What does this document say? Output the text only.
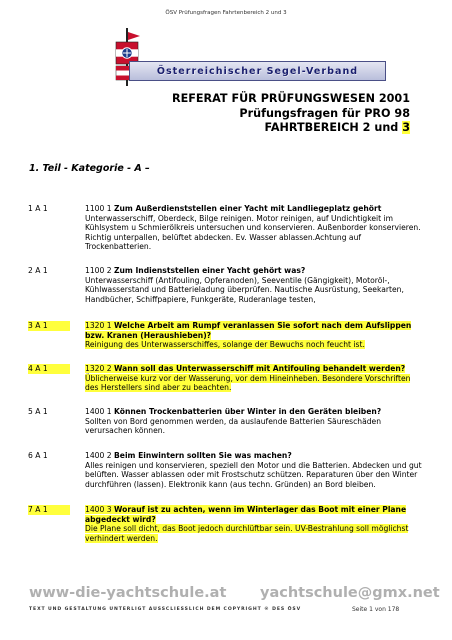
ÖSV Prüfungsfragen Fahrtenbereich 2 und 3
Österreichischer Segel-Verband
REFERAT FÜR PRÜFUNGSWESEN 2001
Prüfungsfragen für PRO 98
FAHRTBEREICH 2 und 3
1. Teil - Kategorie - A –
1 A 1	1100 1 Zum Außerdienststellen einer Yacht mit Landliegeplatz gehört
Unterwasserschiff, Oberdeck, Bilge reinigen. Motor reinigen, auf Undichtigkeit im Kühlsystem u Schmierölkreis untersuchen und konservieren. Außenborder konservieren. Richtig unterpallen, belüftet abdecken. Ev. Wasser ablassen.Achtung auf Trockenbatterien.
2 A 1	1100 2 Zum Indienststellen einer Yacht gehört was?
Unterwasserschiff (Antifouling, Opferanoden), Seeventile (Gängigkeit), Motoröl-, Kühlwasserstand und Batterieladung überprüfen. Nautische Ausrüstung, Seekarten, Handbücher, Schiffpapiere, Funkgeräte, Ruderanlage testen,
3 A 1	1320 1 Welche Arbeit am Rumpf veranlassen Sie sofort nach dem Aufslippen bzw. Kranen (Heraushieben)?
Reinigung des Unterwasserschiffes, solange der Bewuchs noch feucht ist.
4 A 1	1320 2 Wann soll das Unterwasserschiff mit Antifouling behandelt werden?
Üblicherweise kurz vor der Wasserung, vor dem Hineinheben. Besondere Vorschriften des Herstellers sind aber zu beachten.
5 A 1	1400 1 Können Trockenbatterien über Winter in den Geräten bleiben?
Sollten von Bord genommen werden, da auslaufende Batterien Säureschäden verursachen können.
6 A 1	1400 2 Beim Einwintern sollten Sie was machen?
Alles reinigen und konservieren, speziell den Motor und die Batterien. Abdecken und gut belüften. Wasser ablassen oder mit Frostschutz schützen. Reparaturen über den Winter durchführen (lassen). Elektronik kann (aus techn. Gründen) an Bord bleiben.
7 A 1	1400 3 Worauf ist zu achten, wenn im Winterlager das Boot mit einer Plane abgedeckt wird?
Die Plane soll dicht, das Boot jedoch durchlüftbar sein. UV-Bestrahlung soll möglichst verhindert werden.
www-die-yachtschule.at yachtschule@gmx.net
TEXT UND GESTALTUNG UNTERLIGT AUSSCLIESSLICH DEM COPYRIGHT ® DES ÖSV	Seite 1 von 178
